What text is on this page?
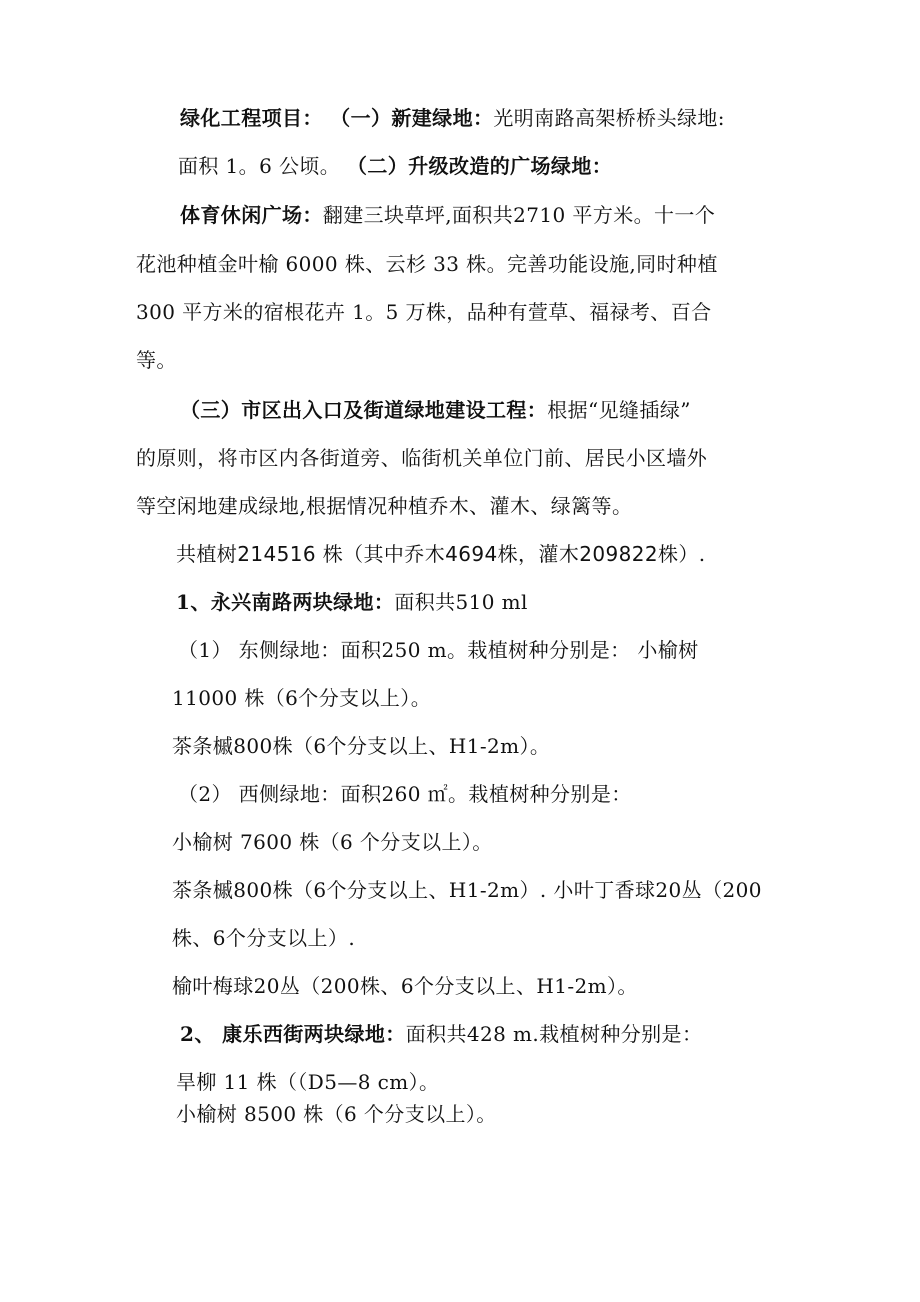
绿化工程项目： （一）新建绿地：光明南路高架桥桥头绿地:
面积 1。6 公顷。 （二）升级改造的广场绿地：
体育休闲广场：翻建三块草坪,面积共2710 平方米。十一个
花池种植金叶榆 6000 株、云杉 33 株。完善功能设施,同时种植
300 平方米的宿根花卉 1。5 万株，品种有萱草、福禄考、百合
等。
（三）市区出入口及街道绿地建设工程：根据“见缝插绿”
的原则，将市区内各街道旁、临街机关单位门前、居民小区墙外
等空闲地建成绿地,根据情况种植乔木、灌木、绿篱等。
共植树214516 株（其中乔木4694株，灌木209822株）.
1、永兴南路两块绿地：面积共510 ml
（1） 东侧绿地：面积250 m。栽植树种分别是： 小榆树
11000 株（6个分支以上）。
茶条槭800株（6个分支以上、H1-2m）。
（2） 西侧绿地：面积260 ㎡。栽植树种分别是：
小榆树 7600 株（6 个分支以上）。
茶条槭800株（6个分支以上、H1-2m）. 小叶丁香球20丛（200
株、6个分支以上）.
榆叶梅球20丛（200株、6个分支以上、H1-2m）。
2、 康乐西街两块绿地：面积共428 m.栽植树种分别是：
旱柳 11 株（（D5—8 cm）。
小榆树 8500 株（6 个分支以上）。
